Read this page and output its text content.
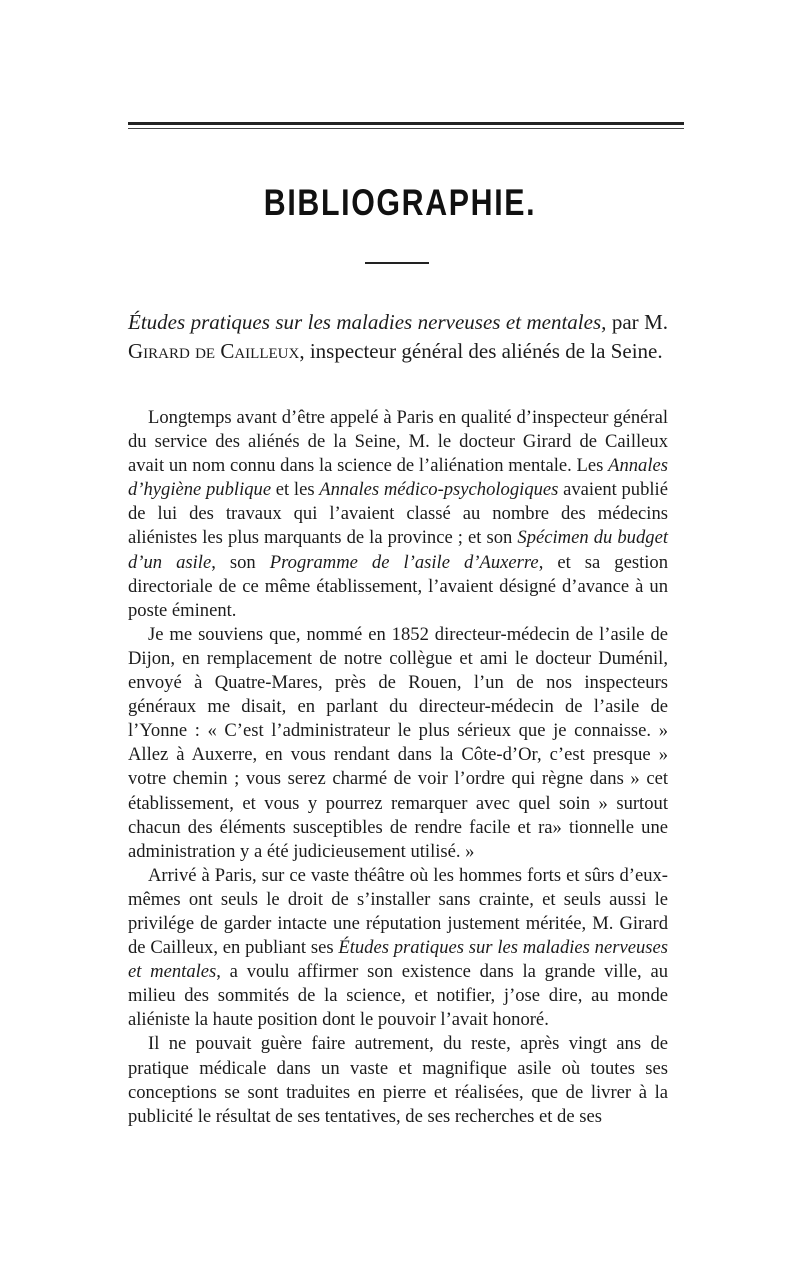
BIBLIOGRAPHIE.
Études pratiques sur les maladies nerveuses et mentales, par M. Girard de Cailleux, inspecteur général des aliénés de la Seine.

Longtemps avant d’être appelé à Paris en qualité d’inspecteur général du service des aliénés de la Seine, M. le docteur Girard de Cailleux avait un nom connu dans la science de l’aliénation mentale. Les Annales d’hygiène publique et les Annales médico-psychologiques avaient publié de lui des travaux qui l’avaient classé au nombre des médecins aliénistes les plus marquants de la province ; et son Spécimen du budget d’un asile, son Programme de l’asile d’Auxerre, et sa gestion directoriale de ce même établissement, l’avaient désigné d’avance à un poste éminent.

Je me souviens que, nommé en 1852 directeur-médecin de l’asile de Dijon, en remplacement de notre collègue et ami le docteur Duménil, envoyé à Quatre-Mares, près de Rouen, l’un de nos inspecteurs généraux me disait, en parlant du directeur-médecin de l’asile de l’Yonne : « C’est l’administrateur le plus sérieux que je connaisse. » Allez à Auxerre, en vous rendant dans la Côte-d’Or, c’est presque » votre chemin ; vous serez charmé de voir l’ordre qui règne dans » cet établissement, et vous y pourrez remarquer avec quel soin » surtout chacun des éléments susceptibles de rendre facile et ra» tionnelle une administration y a été judicieusement utilisé. »

Arrivé à Paris, sur ce vaste théâtre où les hommes forts et sûrs d’eux-mêmes ont seuls le droit de s’installer sans crainte, et seuls aussi le privilége de garder intacte une réputation justement méritée, M. Girard de Cailleux, en publiant ses Études pratiques sur les maladies nerveuses et mentales, a voulu affirmer son existence dans la grande ville, au milieu des sommités de la science, et notifier, j’ose dire, au monde aliéniste la haute position dont le pouvoir l’avait honoré.

Il ne pouvait guère faire autrement, du reste, après vingt ans de pratique médicale dans un vaste et magnifique asile où toutes ses conceptions se sont traduites en pierre et réalisées, que de livrer à la publicité le résultat de ses tentatives, de ses recherches et de ses
